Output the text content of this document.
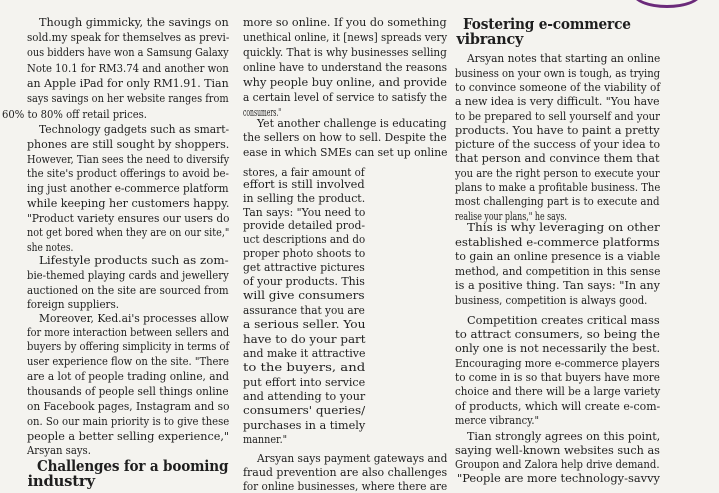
Though gimmicky, the savings on
sold.my speak for themselves as previ-
ous bidders have won a Samsung Galaxy
Note 10.1 for RM3.74 and another won
an Apple iPad for only RM1.91. Tian
says savings on her website ranges from
60% to 80% off retail prices.
Technology gadgets such as smart-
phones are still sought by shoppers.
However, Tian sees the need to diversify
the site's product offerings to avoid be-
ing just another e-commerce platform
while keeping her customers happy.
"Product variety ensures our users do
not get bored when they are on our site,"
she notes.
Lifestyle products such as zom-
bie-themed playing cards and jewellery
auctioned on the site are sourced from
foreign suppliers.
Moreover, Ked.ai's processes allow
for more interaction between sellers and
buyers by offering simplicity in terms of
user experience flow on the site. "There
are a lot of people trading online, and
thousands of people sell things online
on Facebook pages, Instagram and so
on. So our main priority is to give these
people a better selling experience,"
Arsyan says.
Challenges for a booming
industry
more so online. If you do something
unethical online, it [news] spreads very
quickly. That is why businesses selling
online have to understand the reasons
why people buy online, and provide
a certain level of service to satisfy the
consumers."
Yet another challenge is educating
the sellers on how to sell. Despite the
ease in which SMEs can set up online
stores, a fair amount of
effort is still involved
in selling the product.
Tan says: "You need to
provide detailed prod-
uct descriptions and do
proper photo shoots to
get attractive pictures
of your products. This
will give consumers
assurance that you are
a serious seller. You
have to do your part
and make it attractive
to the buyers, and
put effort into service
and attending to your
consumers' queries/
purchases in a timely
manner."
Arsyan says payment gateways and
fraud prevention are also challenges
for online businesses, where there are
Fostering e-commerce
vibrancy
Arsyan notes that starting an online
business on your own is tough, as trying
to convince someone of the viability of
a new idea is very difficult. "You have
to be prepared to sell yourself and your
products. You have to paint a pretty
picture of the success of your idea to
that person and convince them that
you are the right person to execute your
plans to make a profitable business. The
most challenging part is to execute and
realise your plans," he says.
This is why leveraging on other
established e-commerce platforms
to gain an online presence is a viable
method, and competition in this sense
is a positive thing. Tan says: "In any
business, competition is always good.
Competition creates critical mass
to attract consumers, so being the
only one is not necessarily the best.
Encouraging more e-commerce players
to come in is so that buyers have more
choice and there will be a large variety
of products, which will create e-com-
merce vibrancy."
Tian strongly agrees on this point,
saying well-known websites such as
Groupon and Zalora help drive demand.
"People are more technology-savvy
